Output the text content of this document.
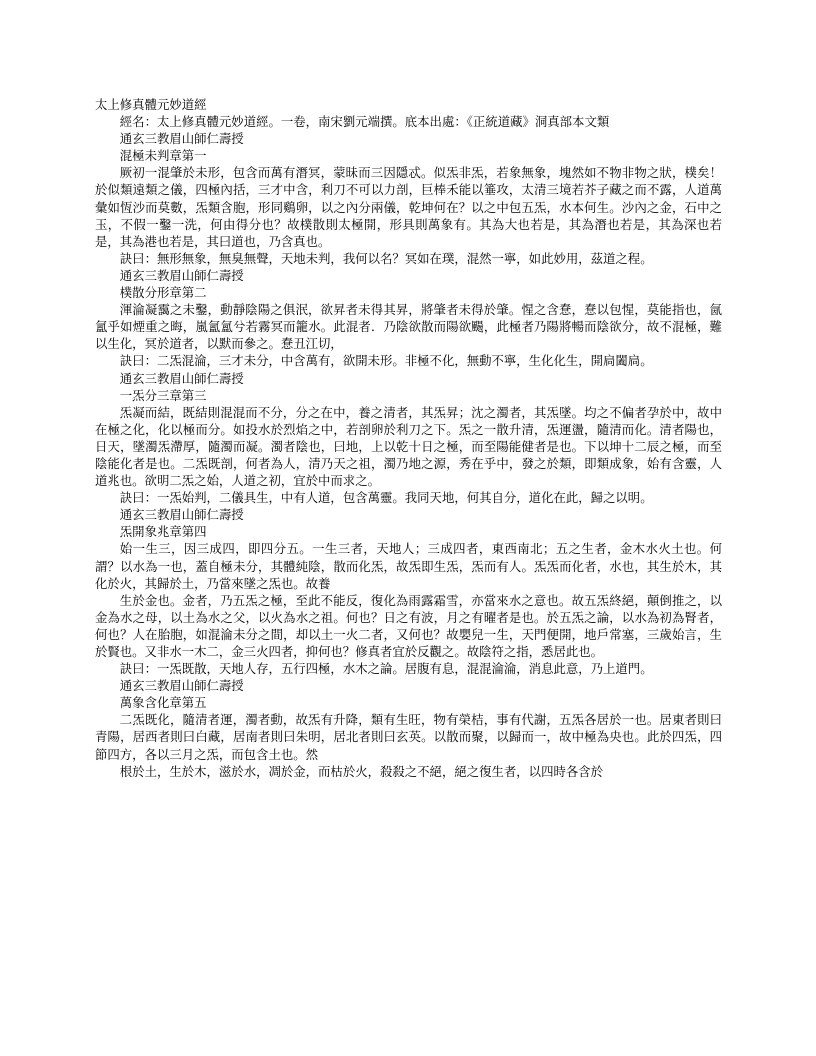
太上修真體元妙道經

經名：太上修真體元妙道經。一卷，南宋劉元端撰。底本出處：《正統道藏》洞真部本文類

通玄三教眉山師仁壽授

混極未判章第一

厥初一混肇於未形，包含而萬有潛冥，蒙昧而三因隱忒。似炁非炁，若象無象，塊然如不物非物之狀，樸矣！於似類遠類之儀，四極內括，三才中含，利刀不可以力剖，巨棒禾能以箠攻，太清三境若芥子藏之而不露，人道萬彙如恆沙而莫數，炁類含胞，形同鷄卵，以之內分兩儀，乾坤何在？以之中包五炁，水本何生。沙內之金，石中之玉，不假一鑿一洗，何由得分也？故樸散則太極開，形具則萬象有。其為大也若是，其為潛也若是，其為深也若是，其為港也若是，其曰道也，乃含真也。

訣曰：無形無象，無臭無聲，天地未判，我何以名？冥如在璞，混然一寧，如此妙用，茲道之程。

通玄三教眉山師仁壽授

樸散分形章第二

渾淪凝靄之未鑿，動靜陰陽之俱泯，欲昇者未得其昇，將肇者未得於肇。惺之含惷，惷以包惺，莫能指也，氤氳乎如煙重之晦，嵐氳氳兮若霧冥而籠水。此混者．乃陰欲散而陽欲颺，此極者乃陽將暢而陰欲分，故不混極，難以生化，冥於道者，以默而參之。惷丑江切，

訣曰：二炁混淪，三才未分，中含萬有，欲開未形。非極不化，無動不寧，生化化生，開扃闔扃。

通玄三教眉山師仁壽授

一炁分三章第三

炁凝而結，既結則混混而不分，分之在中，養之清者，其炁昇；沈之濁者，其炁墜。均之不偏者孕於中，故中在極之化，化以極而分。如投水於烈焰之中，若剖卵於利刀之下。炁之一散升清，炁運盪，隨清而化。清者陽也，日天，墜濁炁滯厚，隨濁而凝。濁者陰也，曰地，上以乾十日之極，而至陽能健者是也。下以坤十二辰之極，而至陰能化者是也。二炁既剖，何者為人，清乃天之祖，濁乃地之源，秀在乎中，發之於類，即類成象，始有含靈，人道兆也。欲明二炁之始，人道之初，宜於中而求之。

訣曰：一炁始判，二儀具生，中有人道，包含萬靈。我同天地，何其自分，道化在此，歸之以明。

通玄三教眉山師仁壽授

炁開象兆章第四

始一生三，因三成四，即四分五。一生三者，天地人；三成四者，東西南北；五之生者，金木水火土也。何謂？以水為一也，蓋自極未分，其體純陰，散而化炁，故炁即生炁，炁而有人。炁炁而化者，水也，其生於木，其化於火，其歸於土，乃當來墜之炁也。故養

生於金也。金者，乃五炁之極，至此不能反，復化為雨露霜雪，亦當來水之意也。故五炁終絕，顛倒推之，以金為水之母，以土為水之父，以火為水之祖。何也？日之有波，月之有曜者是也。於五炁之論，以水為初為腎者，何也？人在胎胞，如混淪未分之間，却以土一火二者，又何也？故嬰兒一生，天門便開，地戶常塞，三歲始言，生於賢也。又非水一木二，金三火四者，抑何也？修真者宜於反觀之。故陰符之指，悉居此也。

訣曰：一炁既散，天地人存，五行四極，水木之論。居腹有息，混混淪淪，消息此意，乃上道門。

通玄三教眉山師仁壽授

萬象含化章第五

二炁既化，隨清者運，濁者動，故炁有升降，類有生旺，物有榮桔，事有代謝，五炁各居於一也。居東者則曰青陽，居西者則曰白藏，居南者則曰朱明，居北者則曰玄英。以散而聚，以歸而一，故中極為央也。此於四炁，四節四方，各以三月之炁，而包含土也。然

根於土，生於木，滋於水，凋於金，而枯於火，殺殺之不絕，絕之復生者，以四時各含於
